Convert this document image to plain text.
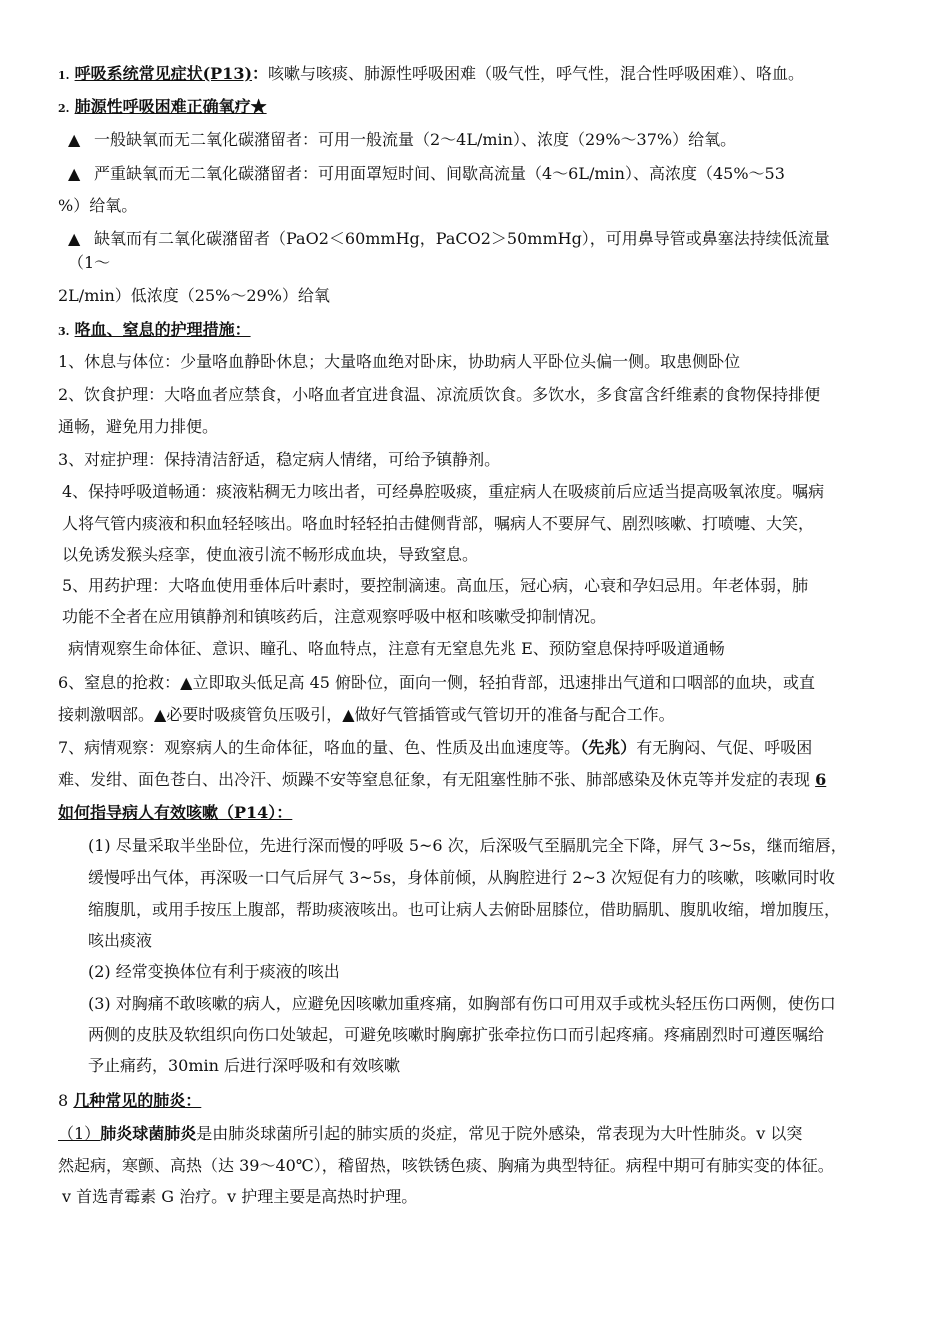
1. 呼吸系统常见症状(P13)：咳嗽与咳痰、肺源性呼吸困难（吸气性，呼气性，混合性呼吸困难）、咯血。
2. 肺源性呼吸困难正确氧疗★
▲ 一般缺氧而无二氧化碳潴留者：可用一般流量（2～4L/min）、浓度（29%～37%）给氧。
▲ 严重缺氧而无二氧化碳潴留者：可用面罩短时间、间歇高流量（4～6L/min）、高浓度（45%～53
%）给氧。
▲ 缺氧而有二氧化碳潴留者（PaO2＜60mmHg，PaCO2＞50mmHg），可用鼻导管或鼻塞法持续低流量
（1～
2L/min）低浓度（25%～29%）给氧
3. 咯血、窒息的护理措施：
1、休息与体位：少量咯血静卧休息；大量咯血绝对卧床，协助病人平卧位头偏一侧。取患侧卧位
2、饮食护理：大咯血者应禁食，小咯血者宜进食温、凉流质饮食。多饮水，多食富含纤维素的食物保持排便
通畅，避免用力排便。
3、对症护理：保持清洁舒适，稳定病人情绪，可给予镇静剂。
4、保持呼吸道畅通：痰液粘稠无力咳出者，可经鼻腔吸痰，重症病人在吸痰前后应适当提高吸氧浓度。嘱病
人将气管内痰液和积血轻轻咳出。咯血时轻轻拍击健侧背部，嘱病人不要屏气、剧烈咳嗽、打喷嚏、大笑，
以免诱发猴头痉挛，使血液引流不畅形成血块，导致窒息。
5、用药护理：大咯血使用垂体后叶素时，要控制滴速。高血压，冠心病，心衰和孕妇忌用。年老体弱，肺
功能不全者在应用镇静剂和镇咳药后，注意观察呼吸中枢和咳嗽受抑制情况。
病情观察生命体征、意识、瞳孔、咯血特点，注意有无窒息先兆 E、预防窒息保持呼吸道通畅
6、窒息的抢救：▲立即取头低足高 45 俯卧位，面向一侧，轻拍背部，迅速排出气道和口咽部的血块，或直
接刺激咽部。▲必要时吸痰管负压吸引，▲做好气管插管或气管切开的准备与配合工作。
7、病情观察：观察病人的生命体征，咯血的量、色、性质及出血速度等。（先兆）有无胸闷、气促、呼吸困
难、发绀、面色苍白、出冷汗、烦躁不安等窒息征象，有无阻塞性肺不张、肺部感染及休克等并发症的表现 6
如何指导病人有效咳嗽（P14）：
(1) 尽量采取半坐卧位，先进行深而慢的呼吸 5~6 次，后深吸气至膈肌完全下降，屏气 3~5s，继而缩唇，
缓慢呼出气体，再深吸一口气后屏气 3~5s，身体前倾，从胸腔进行 2~3 次短促有力的咳嗽，咳嗽同时收
缩腹肌，或用手按压上腹部，帮助痰液咳出。也可让病人去俯卧屈膝位，借助膈肌、腹肌收缩，增加腹压，
咳出痰液
(2) 经常变换体位有利于痰液的咳出
(3) 对胸痛不敢咳嗽的病人，应避免因咳嗽加重疼痛，如胸部有伤口可用双手或枕头轻压伤口两侧，使伤口
两侧的皮肤及软组织向伤口处皱起，可避免咳嗽时胸廓扩张牵拉伤口而引起疼痛。疼痛剧烈时可遵医嘱给
予止痛药，30min 后进行深呼吸和有效咳嗽
8 几种常见的肺炎：
（1）肺炎球菌肺炎是由肺炎球菌所引起的肺实质的炎症，常见于院外感染，常表现为大叶性肺炎。v 以突
然起病，寒颤、高热（达 39～40℃），稽留热，咳铁锈色痰、胸痛为典型特征。病程中期可有肺实变的体征。
v 首选青霉素 G 治疗。v 护理主要是高热时护理。
